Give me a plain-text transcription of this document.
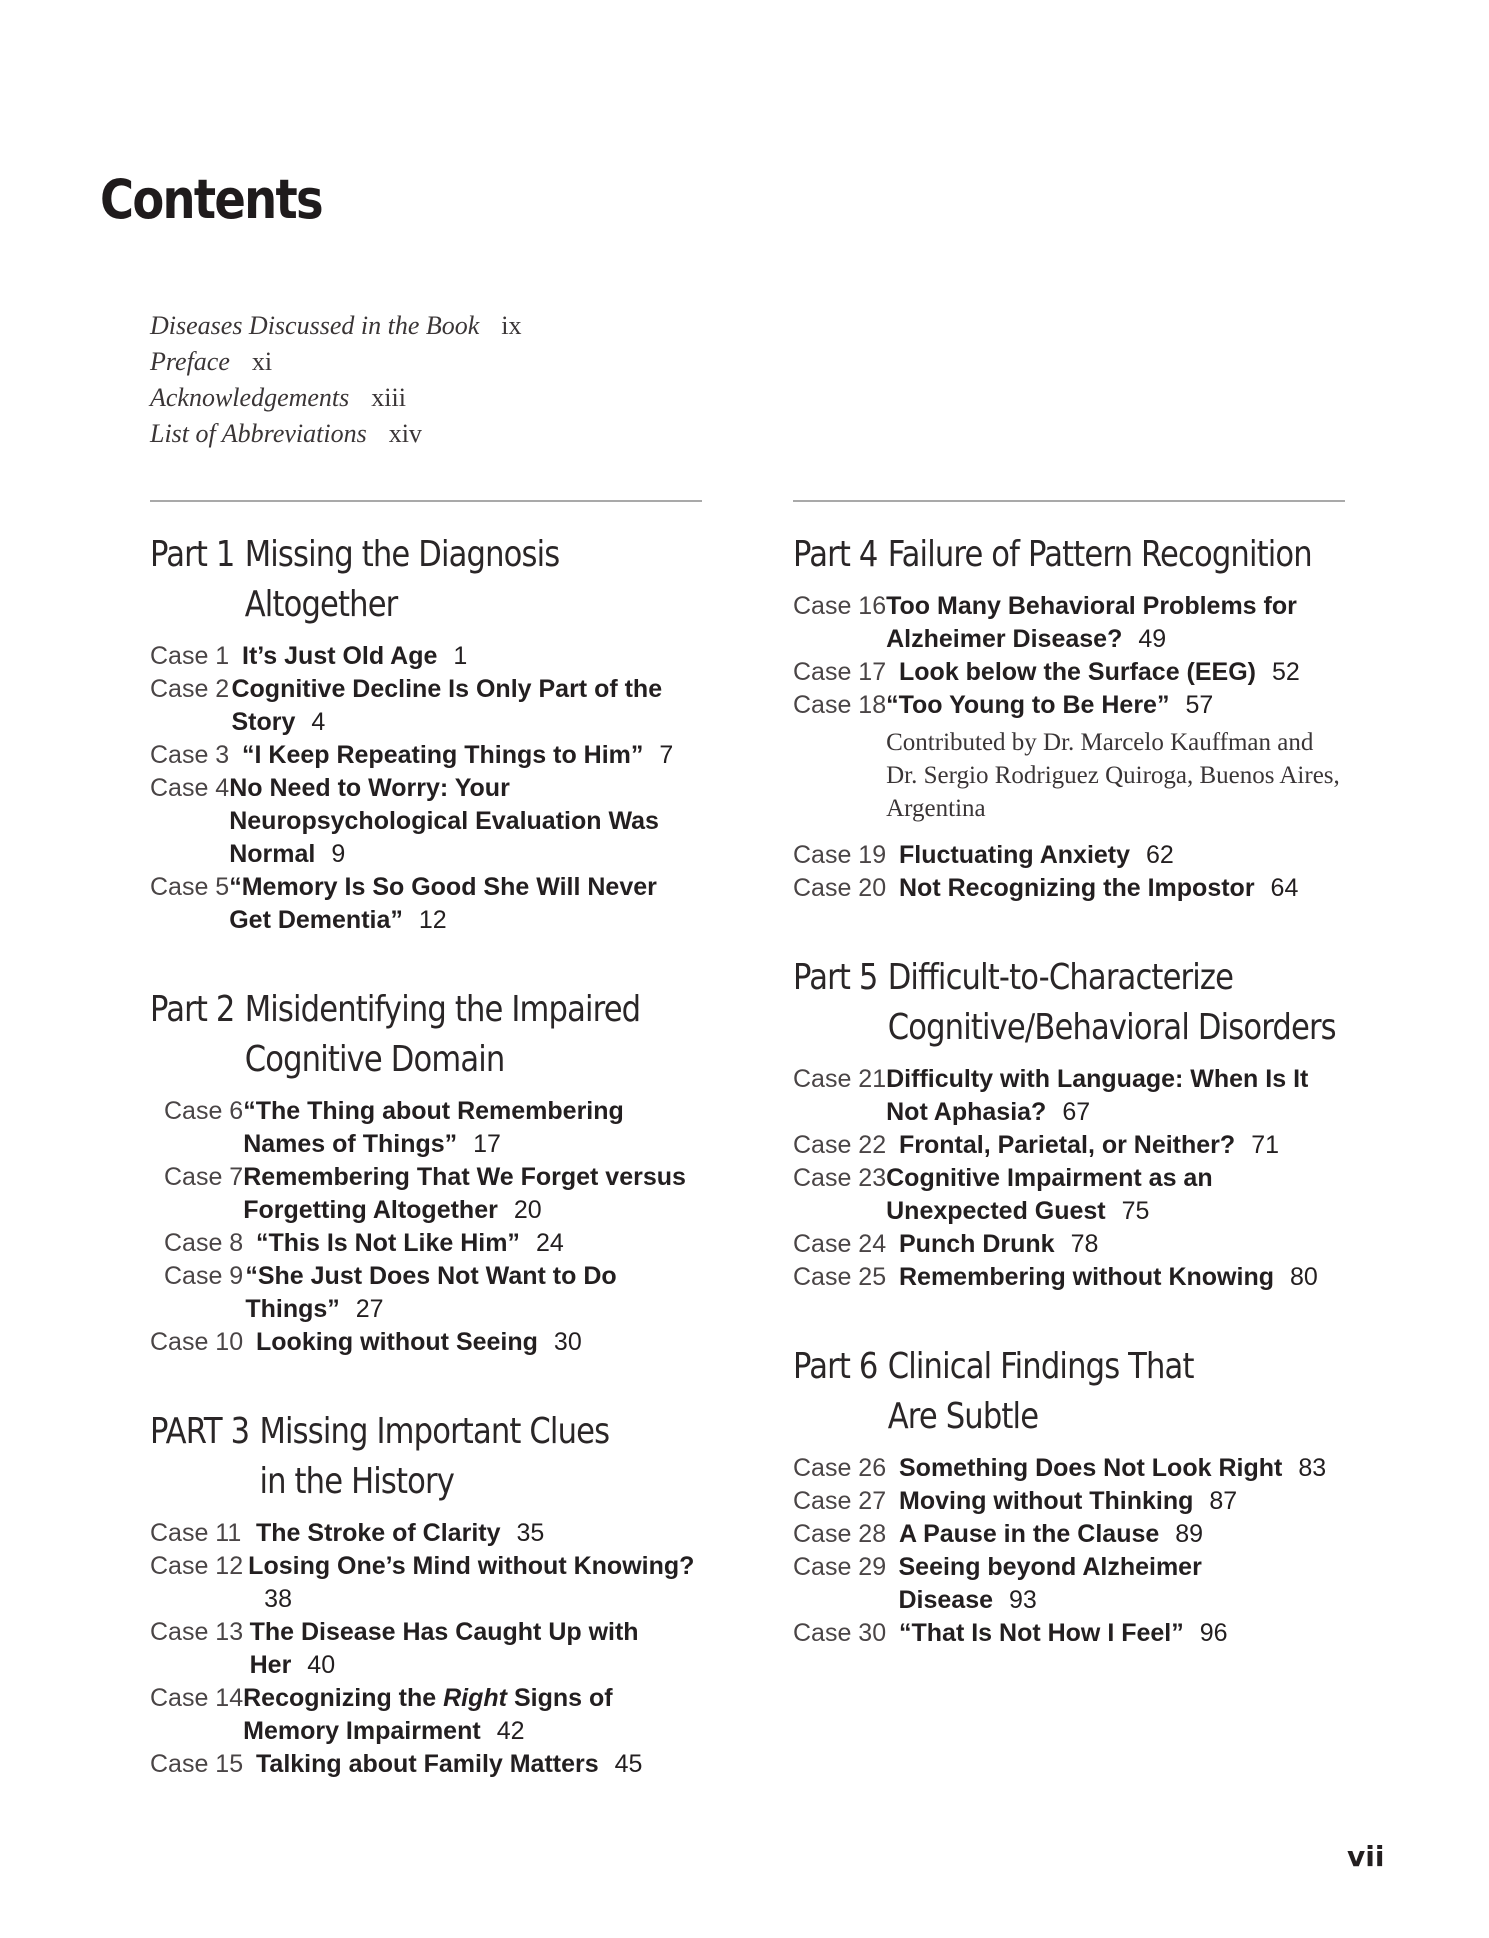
Contents
Diseases Discussed in the Book ix
Preface xi
Acknowledgements xiii
List of Abbreviations xiv
Part 1 Missing the Diagnosis
Altogether
Case 1 It’s Just Old Age 1
Case 2 Cognitive Decline Is Only Part of the Story 4
Case 3 “I Keep Repeating Things to Him” 7
Case 4 No Need to Worry: Your Neuropsychological Evaluation Was Normal 9
Case 5 “Memory Is So Good She Will Never Get Dementia” 12
Part 2 Misidentifying the Impaired
Cognitive Domain
Case 6 “The Thing about Remembering Names of Things” 17
Case 7 Remembering That We Forget versus Forgetting Altogether 20
Case 8 “This Is Not Like Him” 24
Case 9 “She Just Does Not Want to Do Things” 27
Case 10 Looking without Seeing 30
PART 3 Missing Important Clues
in the History
Case 11 The Stroke of Clarity 35
Case 12 Losing One’s Mind without Knowing?38
Case 13 The Disease Has Caught Up with Her 40
Case 14 Recognizing the Right Signs of Memory Impairment 42
Case 15 Talking about Family Matters 45
Part 4 Failure of Pattern Recognition
Case 16 Too Many Behavioral Problems for Alzheimer Disease? 49
Case 17 Look below the Surface (EEG) 52
Case 18 “Too Young to Be Here” 57
Contributed by Dr. Marcelo Kauffman and Dr. Sergio Rodriguez Quiroga, Buenos Aires, Argentina
Case 19 Fluctuating Anxiety 62
Case 20 Not Recognizing the Impostor 64
Part 5 Difficult-to-Characterize
Cognitive/Behavioral Disorders
Case 21 Difficulty with Language: When Is It Not Aphasia? 67
Case 22 Frontal, Parietal, or Neither? 71
Case 23 Cognitive Impairment as an Unexpected Guest 75
Case 24 Punch Drunk 78
Case 25 Remembering without Knowing 80
Part 6 Clinical Findings That
Are Subtle
Case 26 Something Does Not Look Right 83
Case 27 Moving without Thinking 87
Case 28 A Pause in the Clause 89
Case 29 Seeing beyond Alzheimer Disease 93
Case 30 “That Is Not How I Feel” 96
vii
